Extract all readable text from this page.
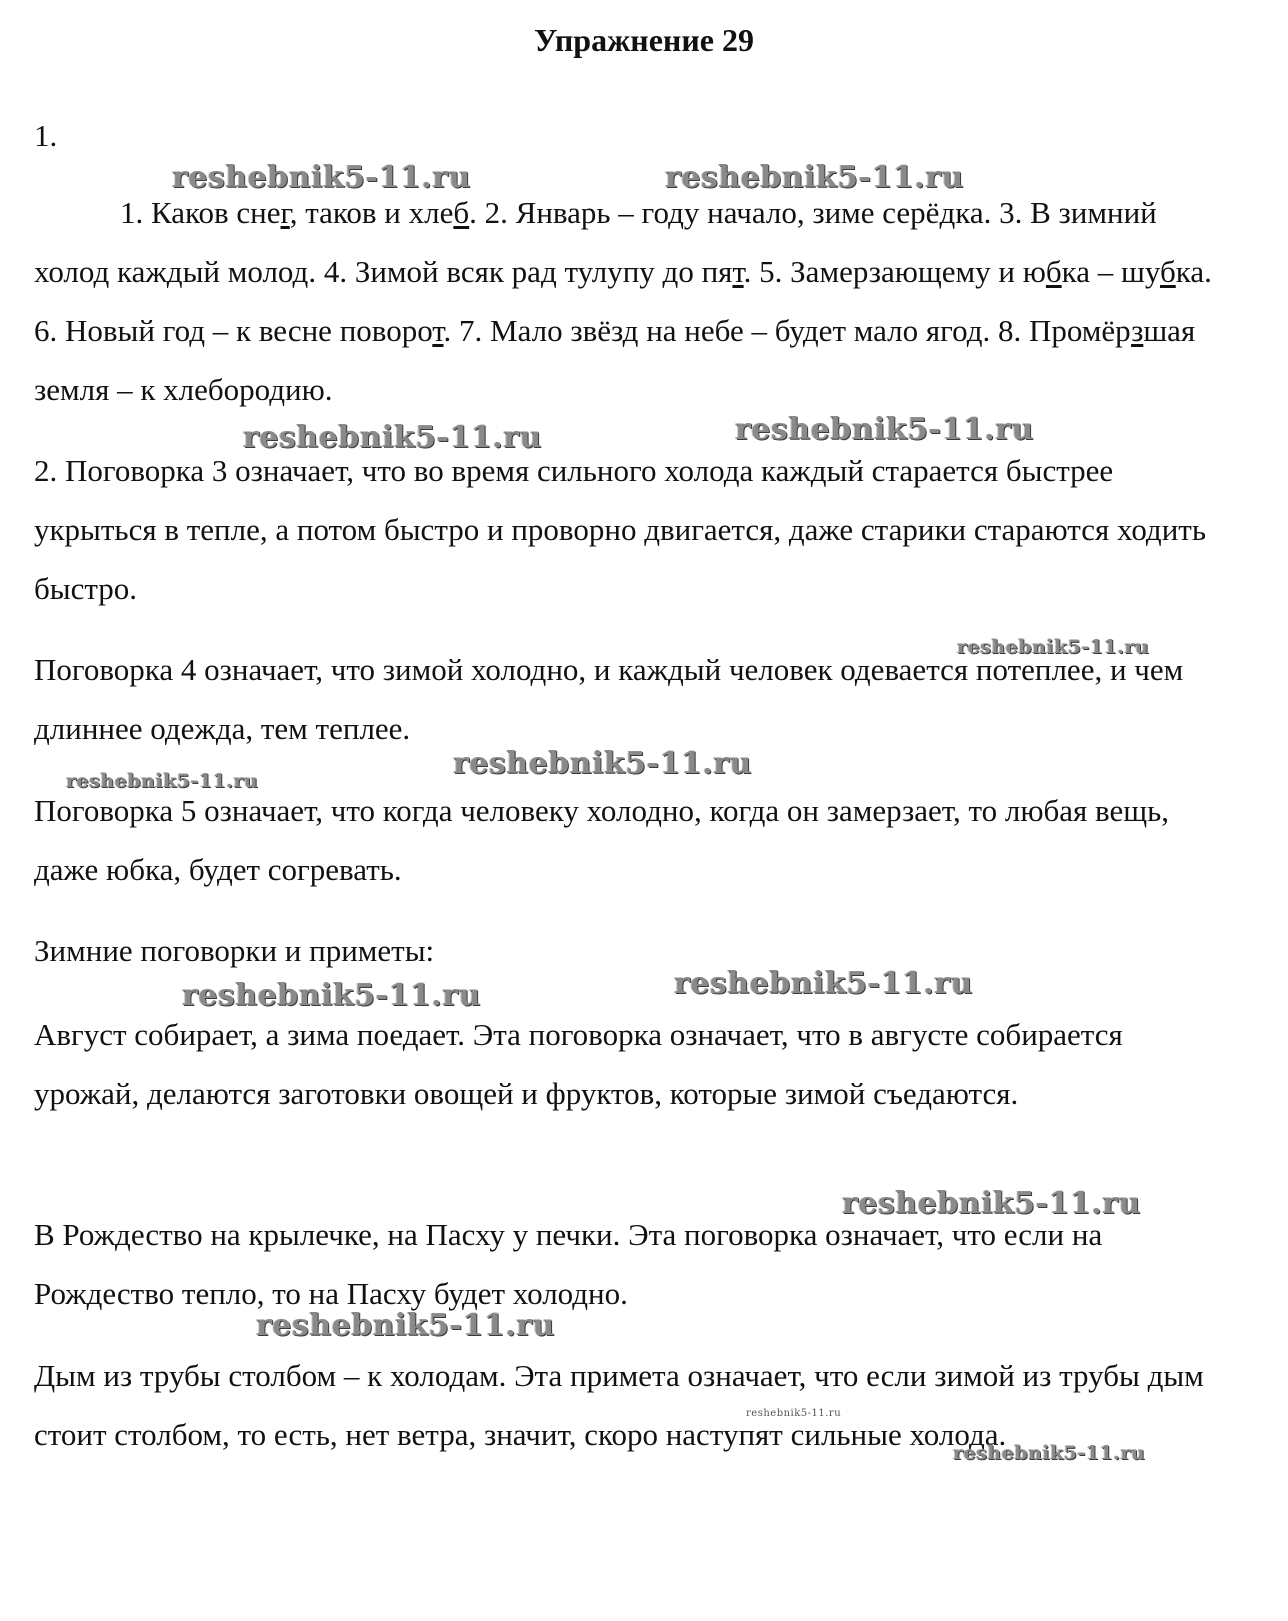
Упражнение 29

1.

1. Каков снег, таков и хлеб. 2. Январь – году начало, зиме серёдка. 3. В зимний холод каждый молод. 4. Зимой всяк рад тулупу до пят. 5. Замерзающему и юбка – шубка. 6. Новый год – к весне поворот. 7. Мало звёзд на небе – будет мало ягод. 8. Промёрзшая земля – к хлебородию.

2. Поговорка 3 означает, что во время сильного холода каждый старается быстрее укрыться в тепле, а потом быстро и проворно двигается, даже старики стараются ходить быстро.

Поговорка 4 означает, что зимой холодно, и каждый человек одевается потеплее, и чем длиннее одежда, тем теплее.

Поговорка 5 означает, что когда человеку холодно, когда он замерзает, то любая вещь, даже юбка, будет согревать.

Зимние поговорки и приметы:

Август собирает, а зима поедает. Эта поговорка означает, что в августе собирается урожай, делаются заготовки овощей и фруктов, которые зимой съедаются.

В Рождество на крылечке, на Пасху у печки. Эта поговорка означает, что если на Рождество тепло, то на Пасху будет холодно.

Дым из трубы столбом – к холодам. Эта примета означает, что если зимой из трубы дым стоит столбом, то есть, нет ветра, значит, скоро наступят сильные холода.

reshebnik5-11.ru	reshebnik5-11.ru
reshebnik5-11.ru	reshebnik5-11.ru
reshebnik5-11.ru
reshebnik5-11.ru
reshebnik5-11.ru
reshebnik5-11.ru	reshebnik5-11.ru
reshebnik5-11.ru
reshebnik5-11.ru
reshebnik5-11.ru
reshebnik5-11.ru
